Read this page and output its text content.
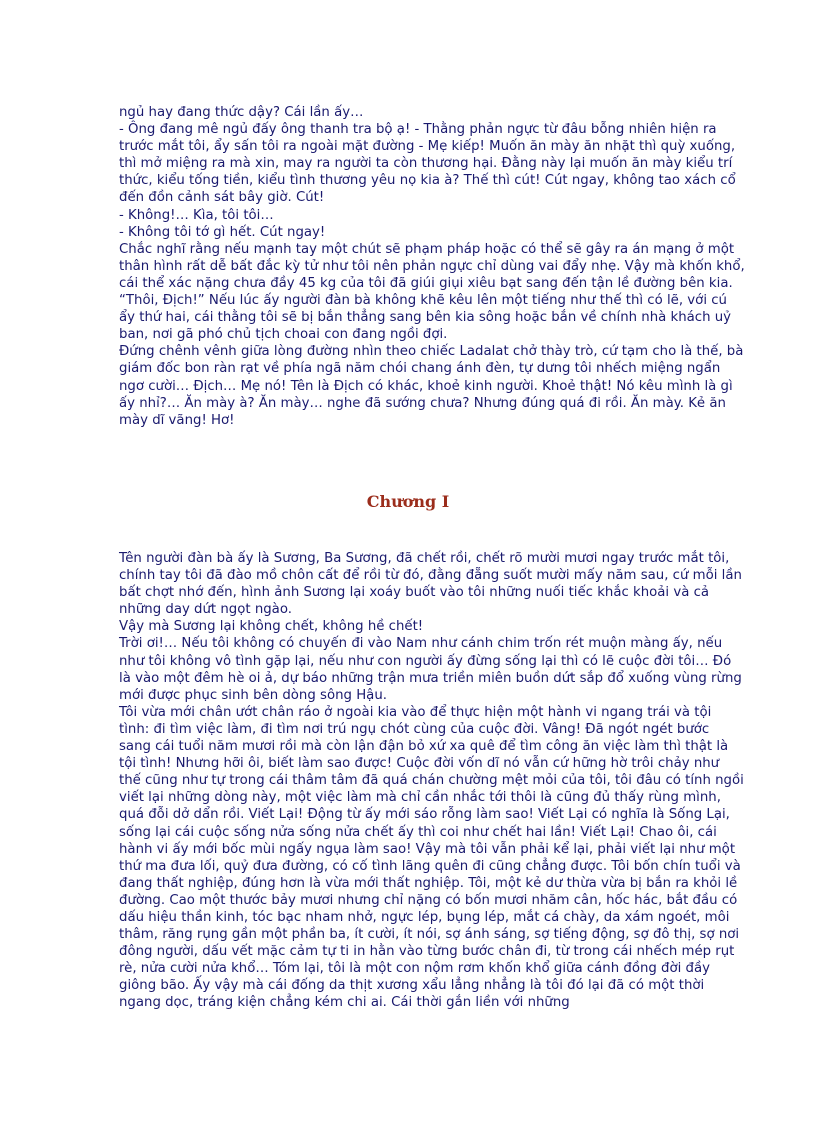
ngủ hay đang thức dậy? Cái lần ấy…

- Ông đang mê ngủ đấy ông thanh tra bộ ạ! - Thằng phản ngực từ đâu bỗng nhiên hiện ra trước mắt tôi, ẩy sấn tôi ra ngoài mặt đường - Mẹ kiếp! Muốn ăn mày ăn nhặt thì quỳ xuống, thì mở miệng ra mà xin, may ra người ta còn thương hại. Đằng này lại muốn ăn mày kiểu trí thức, kiểu tống tiền, kiểu tình thương yêu nọ kia à? Thế thì cút! Cút ngay, không tao xách cổ đến đồn cảnh sát bây giờ. Cút!

- Không!… Kìa, tôi tôi…

- Không tôi tớ gì hết. Cút ngay!

Chắc nghĩ rằng nếu mạnh tay một chút sẽ phạm pháp hoặc có thể sẽ gây ra án mạng ở một thân hình rất dễ bất đắc kỳ tử như tôi nên phản ngực chỉ dùng vai đẩy nhẹ. Vậy mà khốn khổ, cái thể xác nặng chưa đầy 45 kg của tôi đã giúi giụi xiêu bạt sang đến tận lề đường bên kia. “Thôi, Địch!” Nếu lúc ấy người đàn bà không khẽ kêu lên một tiếng như thế thì có lẽ, với cú ẩy thứ hai, cái thằng tôi sẽ bị bắn thẳng sang bên kia sông hoặc bắn về chính nhà khách uỷ ban, nơi gã phó chủ tịch choai con đang ngồi đợi.

Đứng chênh vênh giữa lòng đường nhìn theo chiếc Ladalat chở thày trò, cứ tạm cho là thế, bà giám đốc bon ràn rạt về phía ngã năm chói chang ánh đèn, tự dưng tôi nhếch miệng ngẩn ngơ cười… Địch… Mẹ nó! Tên là Địch có khác, khoẻ kinh người. Khoẻ thật! Nó kêu mình là gì ấy nhỉ?… Ăn mày à? Ăn mày… nghe đã sướng chưa? Nhưng đúng quá đi rồi. Ăn mày. Kẻ ăn mày dĩ vãng! Hơ!

Chương I

Tên người đàn bà ấy là Sương, Ba Sương, đã chết rồi, chết rõ mười mươi ngay trước mắt tôi, chính tay tôi đã đào mồ chôn cất để rồi từ đó, đằng đẵng suốt mười mấy năm sau, cứ mỗi lần bất chợt nhớ đến, hình ảnh Sương lại xoáy buốt vào tôi những nuối tiếc khắc khoải và cả những day dứt ngọt ngào.

Vậy mà Sương lại không chết, không hề chết!

Trời ơi!… Nếu tôi không có chuyến đi vào Nam như cánh chim trốn rét muộn màng ấy, nếu như tôi không vô tình gặp lại, nếu như con người ấy đừng sống lại thì có lẽ cuộc đời tôi… Đó là vào một đêm hè oi ả, dự báo những trận mưa triền miên buồn dứt sắp đổ xuống vùng rừng mới được phục sinh bên dòng sông Hậu.

Tôi vừa mới chân ướt chân ráo ở ngoài kia vào để thực hiện một hành vi ngang trái và tội tình: đi tìm việc làm, đi tìm nơi trú ngụ chót cùng của cuộc đời. Vâng! Đã ngót ngét bước sang cái tuổi năm mươi rồi mà còn lận đận bỏ xứ xa quê để tìm công ăn việc làm thì thật là tội tình! Nhưng hỡi ôi, biết làm sao được! Cuộc đời vốn dĩ nó vẫn cứ hững hờ trôi chảy như thế cũng như tự trong cái thâm tâm đã quá chán chường mệt mỏi của tôi, tôi đâu có tính ngồi viết lại những dòng này, một việc làm mà chỉ cần nhắc tới thôi là cũng đủ thấy rùng mình, quá đỗi dở dẩn rồi. Viết Lại! Động từ ấy mới sáo rỗng làm sao! Viết Lại có nghĩa là Sống Lại, sống lại cái cuộc sống nửa sống nửa chết ấy thì coi như chết hai lần! Viết Lại! Chao ôi, cái hành vi ấy mới bốc mùi ngấy ngụa làm sao! Vậy mà tôi vẫn phải kể lại, phải viết lại như một thứ ma đưa lối, quỷ đưa đường, có cố tình lãng quên đi cũng chẳng được. Tôi bốn chín tuổi và đang thất nghiệp, đúng hơn là vừa mới thất nghiệp. Tôi, một kẻ dư thừa vừa bị bắn ra khỏi lề đường. Cao một thước bảy mươi nhưng chỉ nặng có bốn mươi nhăm cân, hốc hác, bắt đầu có dấu hiệu thần kinh, tóc bạc nham nhở, ngực lép, bụng lép, mắt cá chày, da xám ngoét, môi thâm, răng rụng gần một phần ba, ít cười, ít nói, sợ ánh sáng, sợ tiếng động, sợ đô thị, sợ nơi đông người, dấu vết mặc cảm tự ti in hằn vào từng bước chân đi, từ trong cái nhếch mép rụt rè, nửa cười nửa khổ… Tóm lại, tôi là một con nộm rơm khốn khổ giữa cánh đồng đời đầy giông bão. Ấy vậy mà cái đống da thịt xương xẩu lẳng nhẳng là tôi đó lại đã có một thời ngang dọc, tráng kiện chẳng kém chi ai. Cái thời gắn liền với những
